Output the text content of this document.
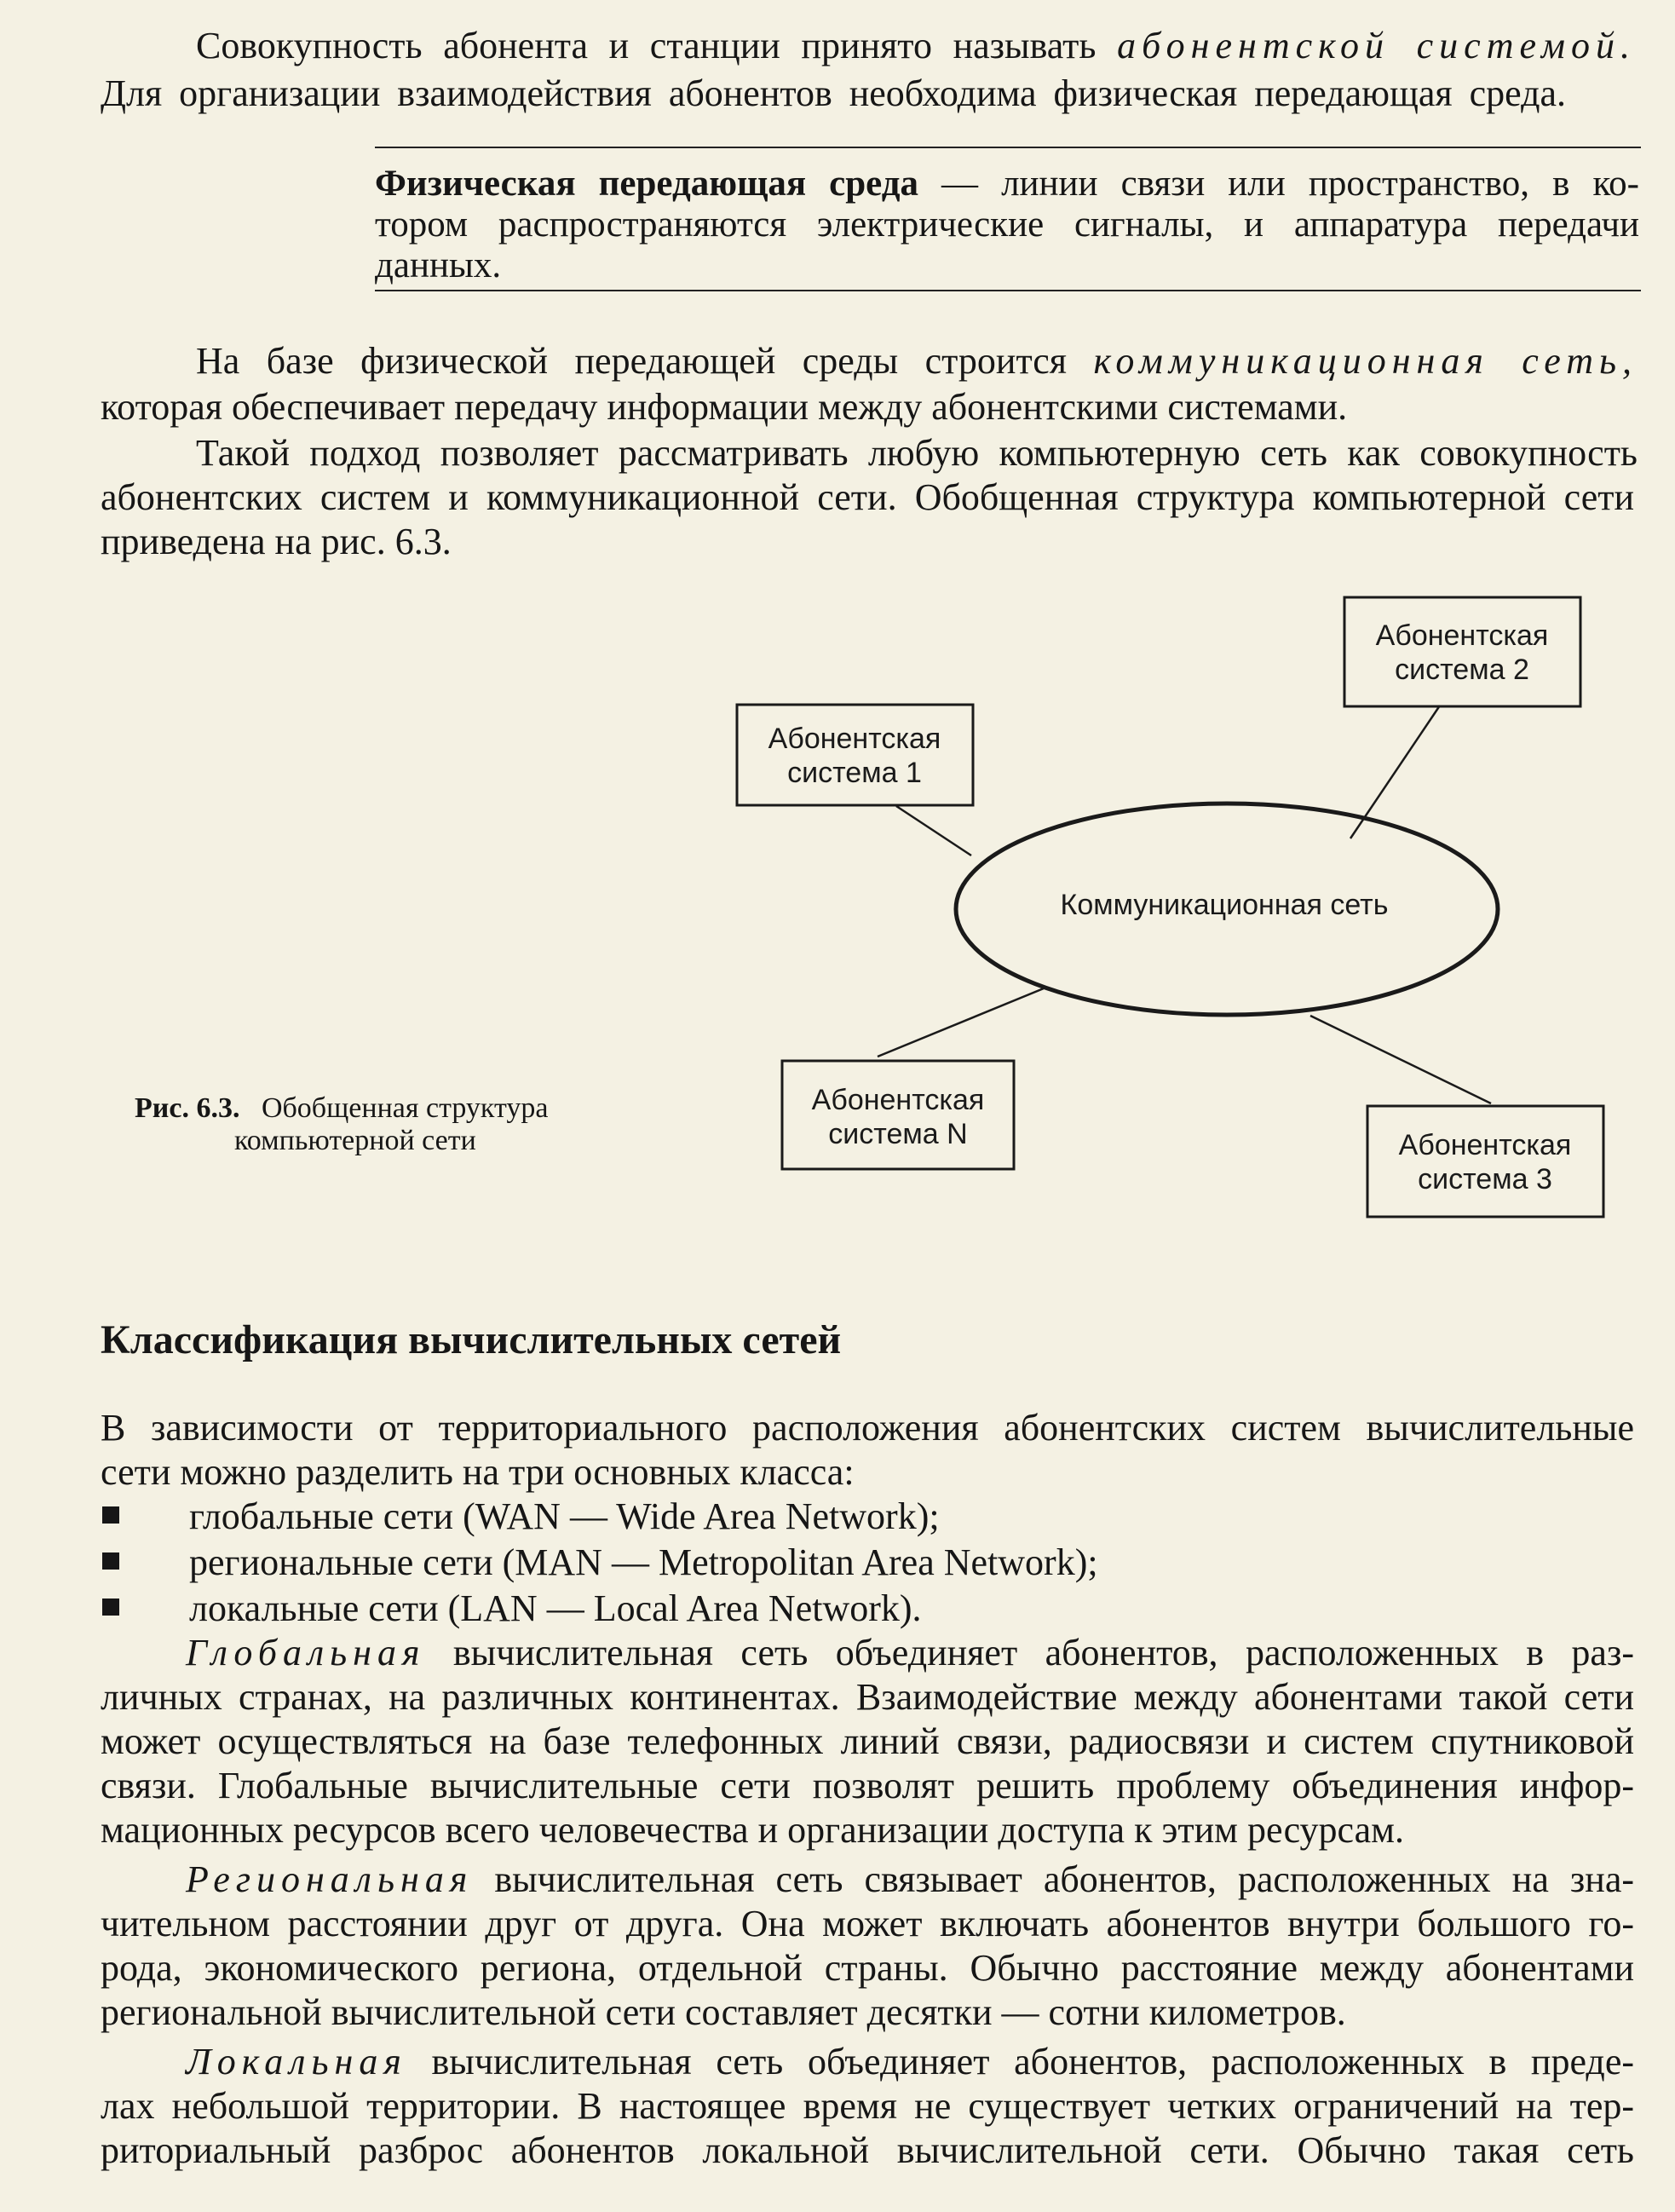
Совокупность абонента и станции принято называть абонентской системой.
Для организации взаимодействия абонентов необходима физическая передающая среда.
Физическая передающая среда — линии связи или пространство, в ко-
тором распространяются электрические сигналы, и аппаратура передачи
данных.
На базе физической передающей среды строится коммуникационная сеть,
которая обеспечивает передачу информации между абонентскими системами.
Такой подход позволяет рассматривать любую компьютерную сеть как совокупность
абонентских систем и коммуникационной сети. Обобщенная структура компьютерной сети
приведена на рис. 6.3.
Коммуникационная сеть
Абонентская
система 1
Абонентская
система 2
Абонентская
система 3
Абонентская
система N
Рис. 6.3. Обобщенная структура
компьютерной сети
Классификация вычислительных сетей
В зависимости от территориального расположения абонентских систем вычислительные
сети можно разделить на три основных класса:
глобальные сети (WAN — Wide Area Network);
региональные сети (MAN — Metropolitan Area Network);
локальные сети (LAN — Local Area Network).
Глобальная вычислительная сеть объединяет абонентов, расположенных в раз-
личных странах, на различных континентах. Взаимодействие между абонентами такой сети
может осуществляться на базе телефонных линий связи, радиосвязи и систем спутниковой
связи. Глобальные вычислительные сети позволят решить проблему объединения инфор-
мационных ресурсов всего человечества и организации доступа к этим ресурсам.
Региональная вычислительная сеть связывает абонентов, расположенных на зна-
чительном расстоянии друг от друга. Она может включать абонентов внутри большого го-
рода, экономического региона, отдельной страны. Обычно расстояние между абонентами
региональной вычислительной сети составляет десятки — сотни километров.
Локальная вычислительная сеть объединяет абонентов, расположенных в преде-
лах небольшой территории. В настоящее время не существует четких ограничений на тер-
риториальный разброс абонентов локальной вычислительной сети. Обычно такая сеть
